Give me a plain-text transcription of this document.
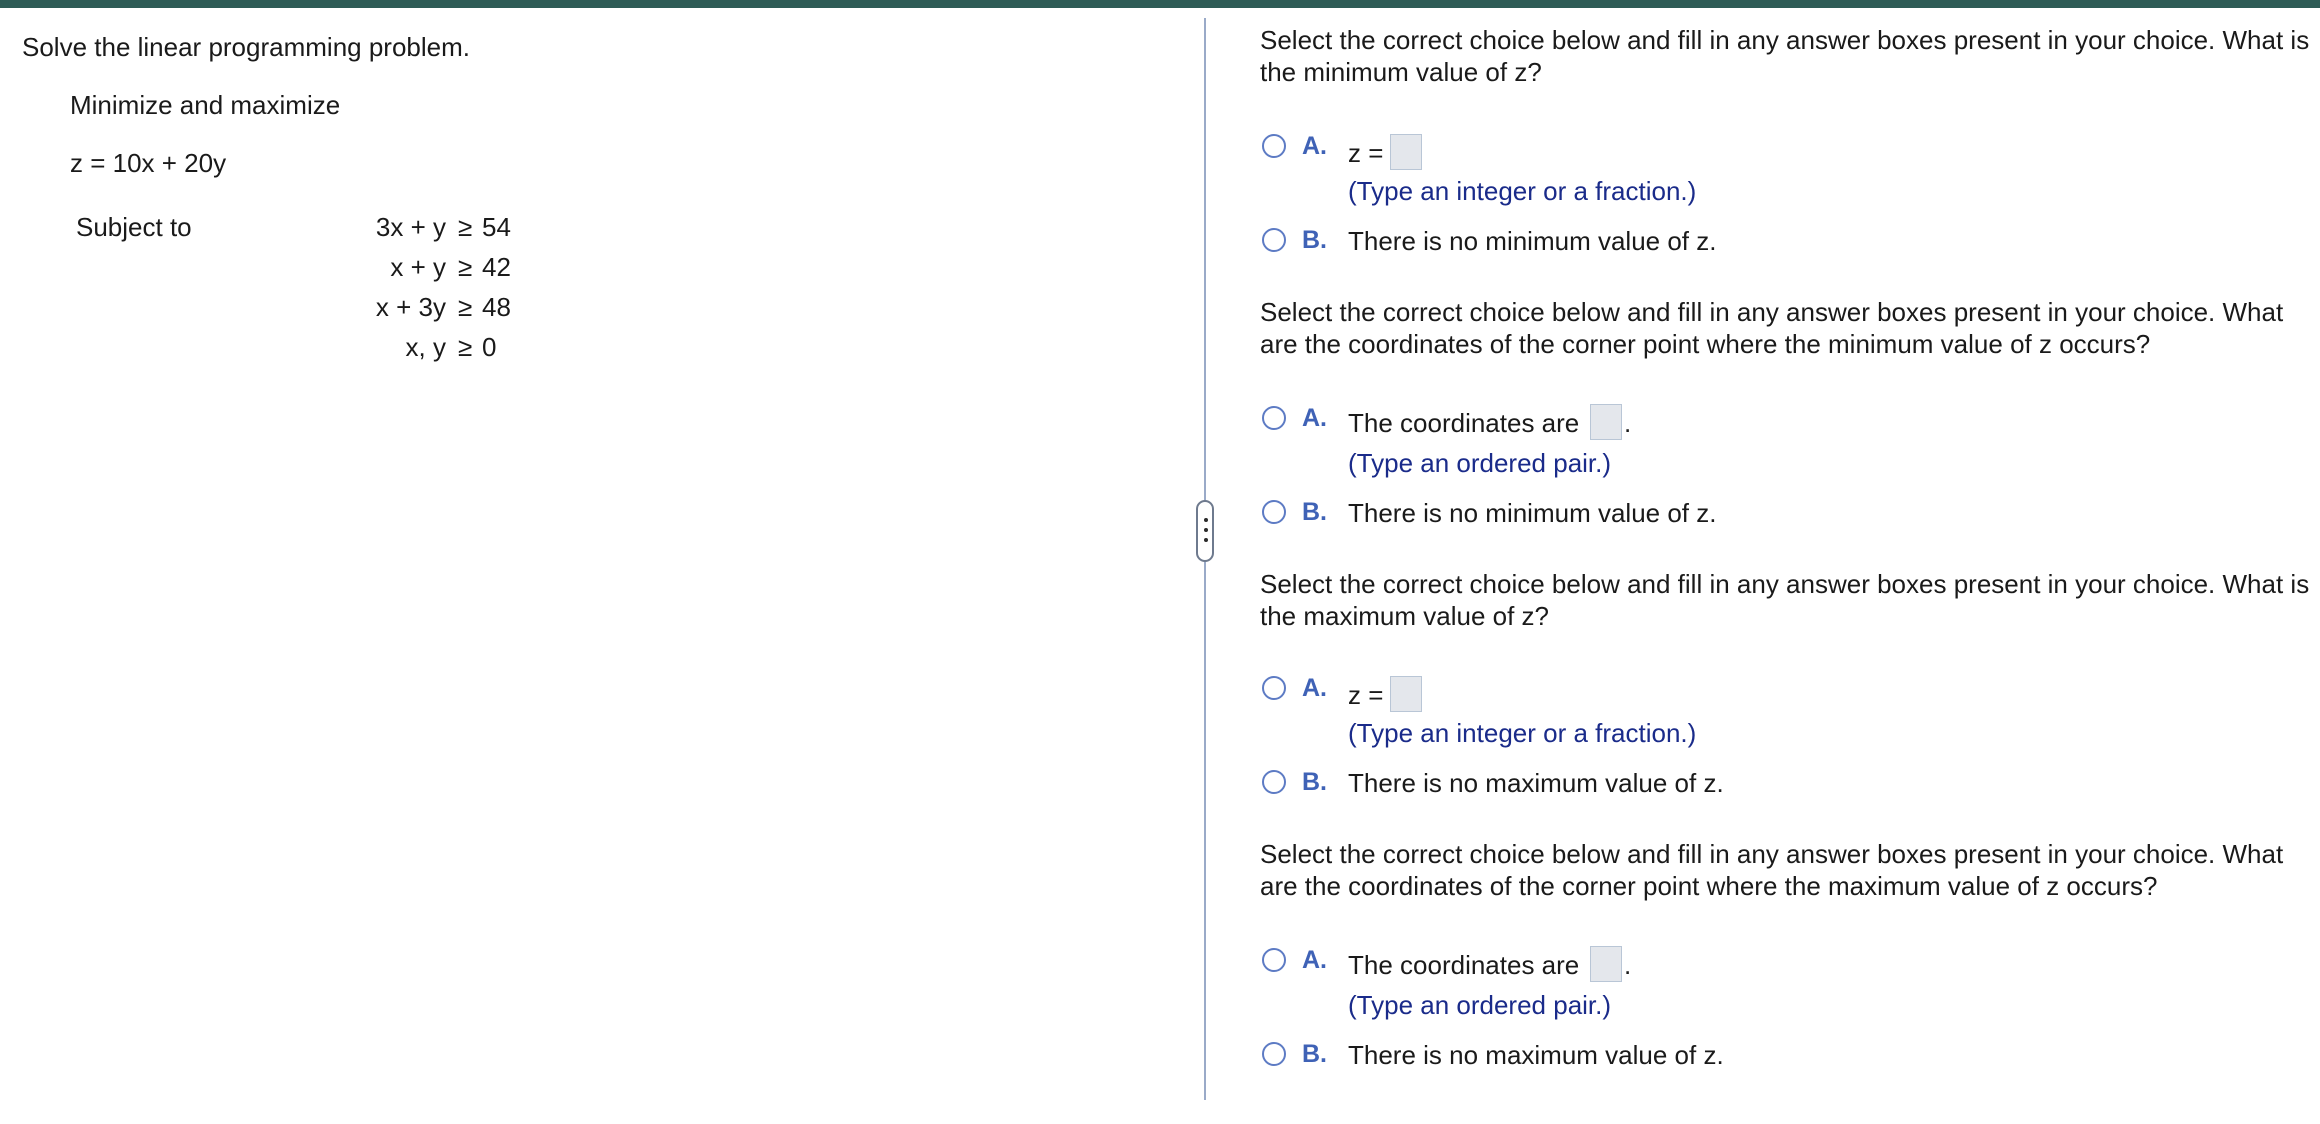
Solve the linear programming problem.
Minimize and maximize
z = 10x + 20y
Subject to	3x + y ≥ 54
x + y ≥ 42
x + 3y ≥ 48
x, y ≥ 0
Select the correct choice below and fill in any answer boxes present in your choice. What is the minimum value of z?
A. z =
(Type an integer or a fraction.)
B. There is no minimum value of z.
Select the correct choice below and fill in any answer boxes present in your choice. What are the coordinates of the corner point where the minimum value of z occurs?
A. The coordinates are .
(Type an ordered pair.)
B. There is no minimum value of z.
Select the correct choice below and fill in any answer boxes present in your choice. What is the maximum value of z?
A. z =
(Type an integer or a fraction.)
B. There is no maximum value of z.
Select the correct choice below and fill in any answer boxes present in your choice. What are the coordinates of the corner point where the maximum value of z occurs?
A. The coordinates are .
(Type an ordered pair.)
B. There is no maximum value of z.
